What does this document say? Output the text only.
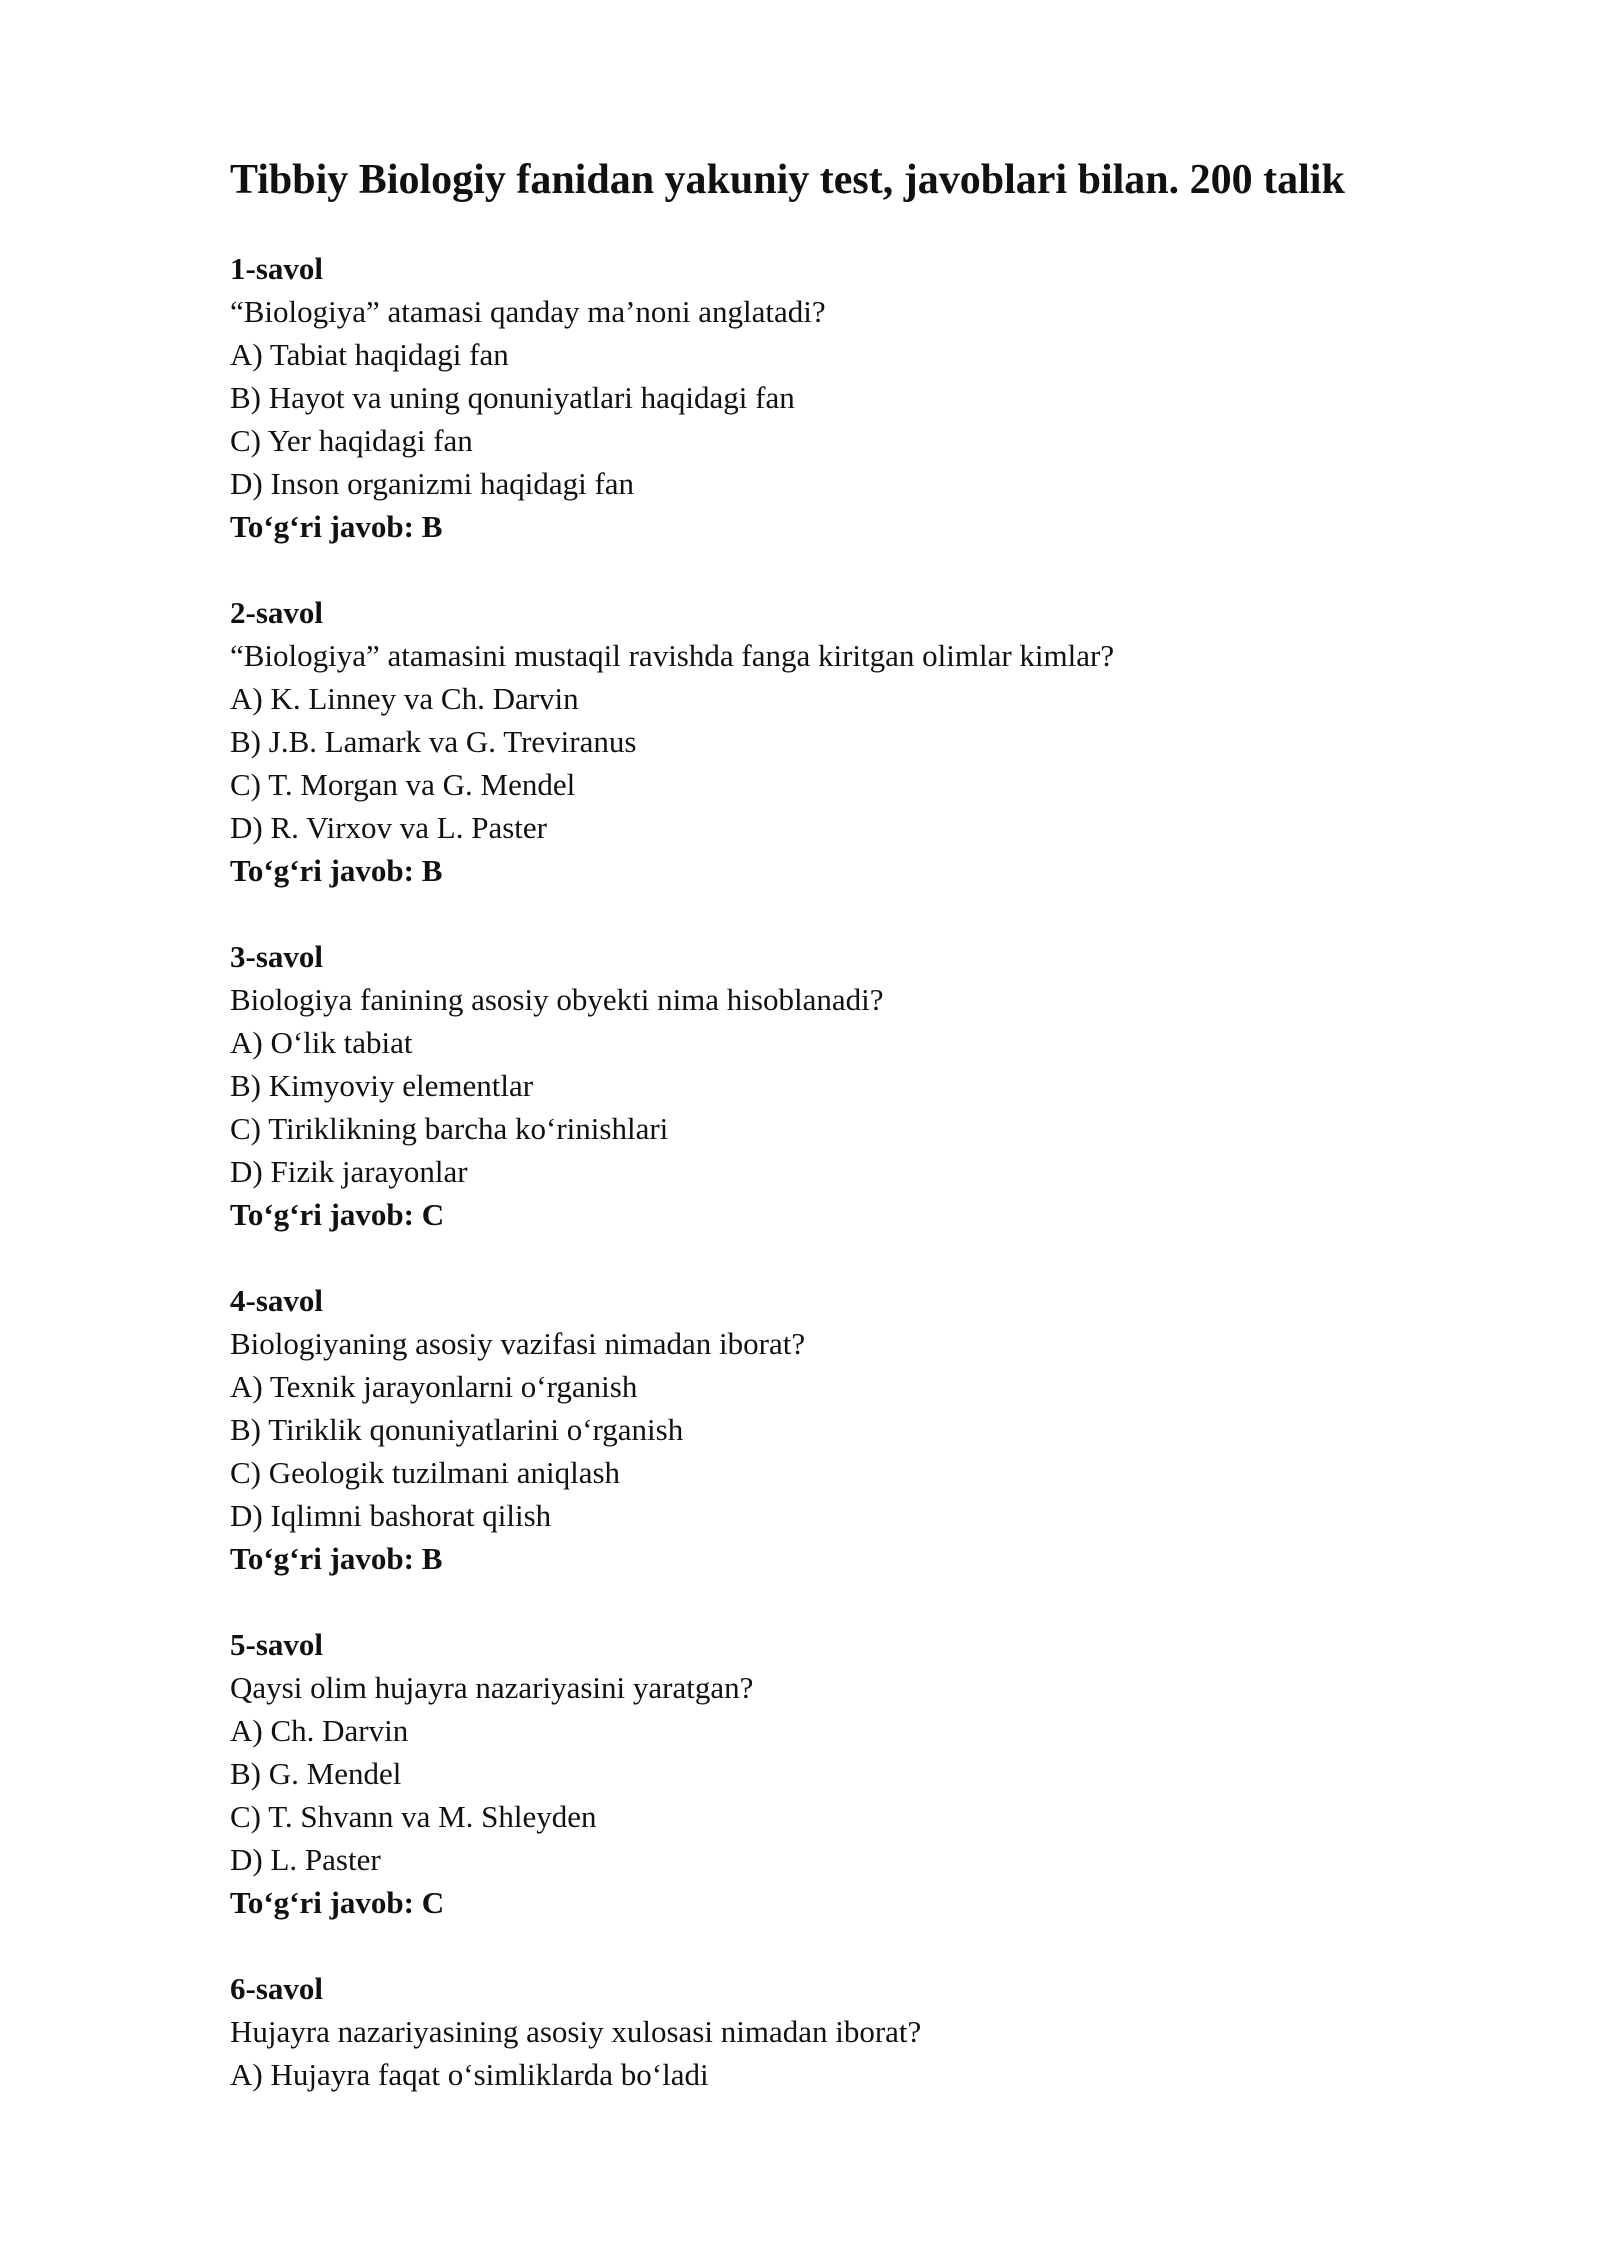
Tibbiy Biologiy fanidan yakuniy test, javoblari bilan. 200 talik
1-savol
“Biologiya” atamasi qanday ma’noni anglatadi?
A) Tabiat haqidagi fan
B) Hayot va uning qonuniyatlari haqidagi fan
C) Yer haqidagi fan
D) Inson organizmi haqidagi fan
To‘g‘ri javob: B
2-savol
“Biologiya” atamasini mustaqil ravishda fanga kiritgan olimlar kimlar?
A) K. Linney va Ch. Darvin
B) J.B. Lamark va G. Treviranus
C) T. Morgan va G. Mendel
D) R. Virxov va L. Paster
To‘g‘ri javob: B
3-savol
Biologiya fanining asosiy obyekti nima hisoblanadi?
A) O‘lik tabiat
B) Kimyoviy elementlar
C) Tiriklikning barcha ko‘rinishlari
D) Fizik jarayonlar
To‘g‘ri javob: C
4-savol
Biologiyaning asosiy vazifasi nimadan iborat?
A) Texnik jarayonlarni o‘rganish
B) Tiriklik qonuniyatlarini o‘rganish
C) Geologik tuzilmani aniqlash
D) Iqlimni bashorat qilish
To‘g‘ri javob: B
5-savol
Qaysi olim hujayra nazariyasini yaratgan?
A) Ch. Darvin
B) G. Mendel
C) T. Shvann va M. Shleyden
D) L. Paster
To‘g‘ri javob: C
6-savol
Hujayra nazariyasining asosiy xulosasi nimadan iborat?
A) Hujayra faqat o‘simliklarda bo‘ladi
